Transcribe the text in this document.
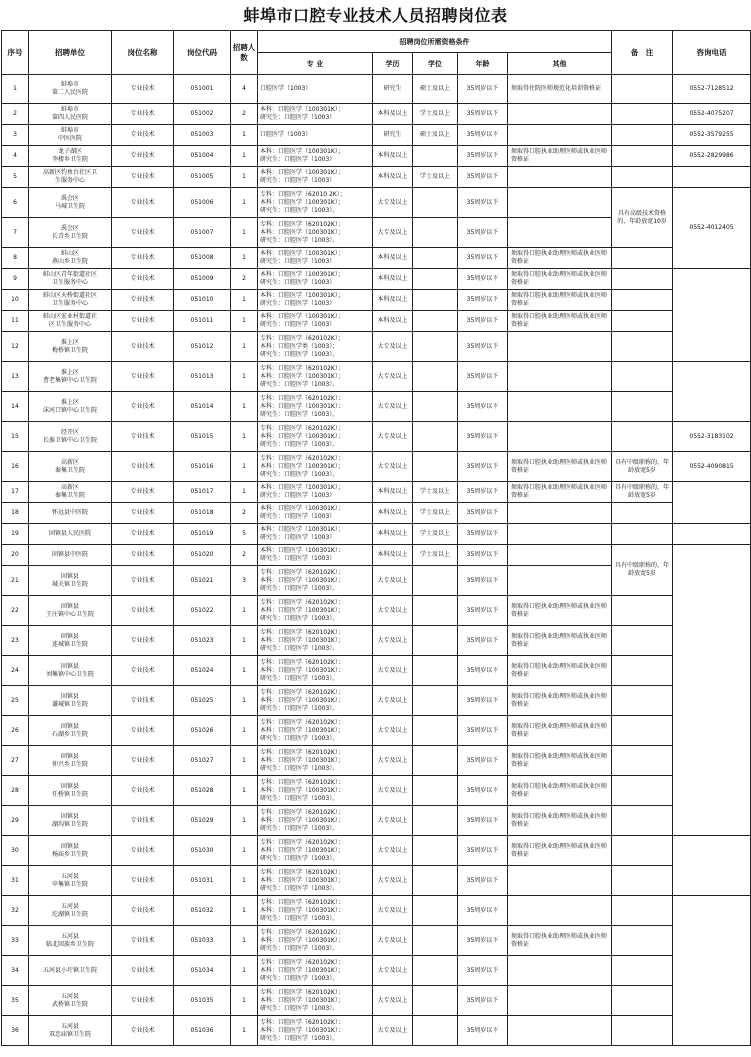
蚌埠市口腔专业技术人员招聘岗位表
序号	招聘单位	岗位名称	岗位代码	招聘人数	招聘岗位所需资格条件					备　注	咨询电话
					专 业	学历	学位	年龄	其他		
1	蚌埠市
第二人民医院	专业技术	051001	4	口腔医学（1003）	研究生	硕士及以上	35周岁以下	须取得住院医师规范化培训资格证		0552-7128512
2	蚌埠市
第四人民医院	专业技术	051002	2	本科：口腔医学（100301K）；
研究生：口腔医学（1003）	本科及以上	学士及以上	35周岁以下			0552-4075207
3	蚌埠市
中医医院	专业技术	051003	1	口腔医学（1003）	研究生	硕士及以上	35周岁以下			0552-3579255
4	龙子湖区
李楼乡卫生院	专业技术	051004	1	本科：口腔医学（100301K）；
研究生：口腔医学（1003）	本科及以上		35周岁以下	须取得口腔执业助理医师或执业医师资格证		0552-2829986
5	高新区钓鱼台社区卫
生服务中心	专业技术	051005	1	本科：口腔医学（100301K）；
研究生：口腔医学（1003）	本科及以上	学士及以上	35周岁以下			
6	禹会区
马城卫生院	专业技术	051006	1	专科：口腔医学（62010 2K）；
本科：口腔医学（100301K）；
研究生：口腔医学（1003）。	大专及以上		35周岁以下		具有高级技术资格的，年龄放宽10岁	0552-4012405
7	禹会区
长青乡卫生院	专业技术	051007	1	专科：口腔医学（620102K）；
本科：口腔医学（100301K）；
研究生：口腔医学（1003）。	大专及以上		35周岁以下			
8	蚌山区
燕山乡卫生院	专业技术	051008	1	本科：口腔医学（100301K）；
研究生：口腔医学（1003）	本科及以上		35周岁以下	须取得口腔执业助理医师或执业医师资格证		
9	蚌山区青年街道社区
卫生服务中心	专业技术	051009	2	本科：口腔医学（100301K）；
研究生：口腔医学（1003）	本科及以上		35周岁以下	须取得口腔执业助理医师或执业医师资格证		
10	蚌山区天桥街道社区
卫生服务中心	专业技术	051010	1	本科：口腔医学（100301K）；
研究生：口腔医学（1003）	本科及以上		35周岁以下	须取得口腔执业助理医师或执业医师资格证		
11	蚌山区宏业村街道社
区卫生服务中心	专业技术	051011	1	本科：口腔医学（100301K）；
研究生：口腔医学（1003）	本科及以上		35周岁以下	须取得口腔执业助理医师或执业医师资格证		
12	淮上区
梅桥镇卫生院	专业技术	051012	1	专科：口腔医学（620102K）；
本科：口腔医学类（1003）；
研究生：口腔医学（1003）。	大专及以上		35周岁以下			
13	淮上区
曹老集镇中心卫生院	专业技术	051013	1	专科：口腔医学（620102K）；
本科：口腔医学（100301K）；
研究生：口腔医学（1003）。	大专及以上		35周岁以下			
14	淮上区
沫河口镇中心卫生院	专业技术	051014	1	专科：口腔医学（620102K）；
本科：口腔医学（100301K）；
研究生：口腔医学（1003）。	大专及以上		35周岁以下			
15	经开区
长淮卫镇中心卫生院	专业技术	051015	1	专科：口腔医学（620102K）；
本科：口腔医学（100301K）；
研究生：口腔医学（1003）。	大专及以上		35周岁以下			0552-3183102
16	高新区
秦集卫生院	专业技术	051016	1	专科：口腔医学（620102K）；
本科：口腔医学（100301K）；
研究生：口腔医学（1003）。	大专及以上		35周岁以下	须取得口腔执业助理医师或执业医师资格证	具有中级职称的，年龄放宽5岁	0552-4090815
17	高新区
秦集卫生院	专业技术	051017	1	本科：口腔医学（100301K）；
研究生：口腔医学（1003）	本科及以上	学士及以上	35周岁以下	须取得口腔执业助理医师或执业医师资格证	具有中级职称的，年龄放宽5岁	
18	怀远县中医院	专业技术	051018	2	本科：口腔医学（100301K）；
研究生：口腔医学（1003）	本科及以上	学士及以上	35周岁以下			
19	固镇县人民医院	专业技术	051019	5	本科：口腔医学（100301K）；
研究生：口腔医学（1003）	本科及以上	学士及以上	35周岁以下			
20	固镇县中医院	专业技术	051020	2	本科：口腔医学（100301K）；
研究生：口腔医学（1003）	本科及以上	学士及以上	35周岁以下		具有中级职称的，年龄放宽5岁	
21	固镇县
城关镇卫生院	专业技术	051021	3	专科：口腔医学（620102K）；
本科：口腔医学（100301K）；
研究生：口腔医学（1003）。	大专及以上		35周岁以下			
22	固镇县
王庄镇中心卫生院	专业技术	051022	1	专科：口腔医学（620102K）；
本科：口腔医学（100301K）；
研究生：口腔医学（1003）。	大专及以上		35周岁以下	须取得口腔执业助理医师或执业医师资格证		
23	固镇县
连城镇卫生院	专业技术	051023	1	专科：口腔医学（620102K）；
本科：口腔医学（100301K）；
研究生：口腔医学（1003）。	大专及以上		35周岁以下	须取得口腔执业助理医师或执业医师资格证		
24	固镇县
刘集镇中心卫生院	专业技术	051024	1	专科：口腔医学（620102K）；
本科：口腔医学（100301K）；
研究生：口腔医学（1003）。	大专及以上		35周岁以下	须取得口腔执业助理医师或执业医师资格证		
25	固镇县
谦城镇卫生院	专业技术	051025	1	专科：口腔医学（620102K）；
本科：口腔医学（100301K）；
研究生：口腔医学（1003）。	大专及以上		35周岁以下	须取得口腔执业助理医师或执业医师资格证		
26	固镇县
石湖乡卫生院	专业技术	051026	1	专科：口腔医学（620102K）；
本科：口腔医学（100301K）；
研究生：口腔医学（1003）。	大专及以上		35周岁以下	须取得口腔执业助理医师或执业医师资格证		
27	固镇县
仲兴乡卫生院	专业技术	051027	1	专科：口腔医学（620102K）；
本科：口腔医学（100301K）；
研究生：口腔医学（1003）。	大专及以上		35周岁以下	须取得口腔执业助理医师或执业医师资格证		
28	固镇县
任桥镇卫生院	专业技术	051028	1	专科：口腔医学（620102K）；
本科：口腔医学（100301K）；
研究生：口腔医学（1003）。	大专及以上		35周岁以下	须取得口腔执业助理医师或执业医师资格证		
29	固镇县
湖沟镇卫生院	专业技术	051029	1	专科：口腔医学（620102K）；
本科：口腔医学（100301K）；
研究生：口腔医学（1003）。	大专及以上		35周岁以下	须取得口腔执业助理医师或执业医师资格证		
30	固镇县
杨庙乡卫生院	专业技术	051030	1	专科：口腔医学（620102K）；
本科：口腔医学（100301K）；
研究生：口腔医学（1003）。	大专及以上		35周岁以下	须取得口腔执业助理医师或执业医师资格证		
31	五河县
申集镇卫生院	专业技术	051031	1	专科：口腔医学（620102K）；
本科：口腔医学（100301K）；
研究生：口腔医学（1003）。	大专及以上		35周岁以下			
32	五河县
沱湖镇卫生院	专业技术	051032	1	专科：口腔医学（620102K）；
本科：口腔医学（100301K）；
研究生：口腔医学（1003）。	大专及以上		35周岁以下			
33	五河县
临北回族乡卫生院	专业技术	051033	1	专科：口腔医学（620102K）；
本科：口腔医学（100301K）；
研究生：口腔医学（1003）。	大专及以上		35周岁以下	须取得口腔执业助理医师或执业医师资格证		
34	五河县小圩镇卫生院	专业技术	051034	1	专科：口腔医学（620102K）；
本科：口腔医学（100301K）；
研究生：口腔医学（1003）。	大专及以上		35周岁以下			
35	五河县
武桥镇卫生院	专业技术	051035	1	专科：口腔医学（620102K）；
本科：口腔医学（100301K）；
研究生：口腔医学（1003）。	大专及以上		35周岁以下			
36	五河县
双忠庙镇卫生院	专业技术	051036	1	专科：口腔医学（620102K）；
本科：口腔医学（100301K）；
研究生：口腔医学（1003）。	大专及以上		35周岁以下			
